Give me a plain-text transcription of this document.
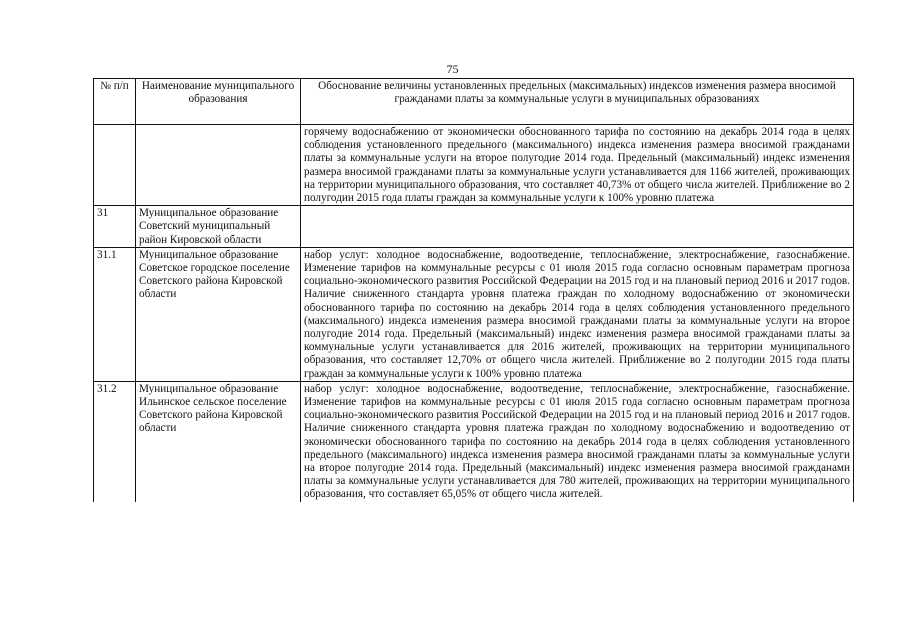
75
№ п/п	Наименование муниципального образования	Обоснование величины установленных предельных (максимальных) индексов изменения размера вносимой гражданами платы за коммунальные услуги в муниципальных образованиях
		горячему водоснабжению от экономически обоснованного тарифа по состоянию на декабрь 2014 года в целях соблюдения установленного предельного (максимального) индекса изменения размера вносимой гражданами платы за коммунальные услуги на второе полугодие 2014 года. Предельный (максимальный) индекс изменения размера вносимой гражданами платы за коммунальные услуги устанавливается для 1166 жителей, проживающих на территории муниципального образования, что составляет 40,73% от общего числа жителей. Приближение во 2 полугодии 2015 года платы граждан за коммунальные услуги к 100% уровню платежа
31	Муниципальное образование Советский муниципальный район Кировской области	
31.1	Муниципальное образование Советское городское поселение Советского района Кировской области	набор услуг: холодное водоснабжение, водоотведение, теплоснабжение, электроснабжение, газоснабжение. Изменение тарифов на коммунальные ресурсы с 01 июля 2015 года согласно основным параметрам прогноза социально-экономического развития Российской Федерации на 2015 год и на плановый период 2016 и 2017 годов. Наличие сниженного стандарта уровня платежа граждан по холодному водоснабжению от экономически обоснованного тарифа по состоянию на декабрь 2014 года в целях соблюдения установленного предельного (максимального) индекса изменения размера вносимой гражданами платы за коммунальные услуги на второе полугодие 2014 года. Предельный (максимальный) индекс изменения размера вносимой гражданами платы за коммунальные услуги устанавливается для 2016 жителей, проживающих на территории муниципального образования, что составляет 12,70% от общего числа жителей. Приближение во 2 полугодии 2015 года платы граждан за коммунальные услуги к 100% уровню платежа
31.2	Муниципальное образование Ильинское сельское поселение Советского района Кировской области	набор услуг: холодное водоснабжение, водоотведение, теплоснабжение, электроснабжение, газоснабжение. Изменение тарифов на коммунальные ресурсы с 01 июля 2015 года согласно основным параметрам прогноза социально-экономического развития Российской Федерации на 2015 год и на плановый период 2016 и 2017 годов. Наличие сниженного стандарта уровня платежа граждан по холодному водоснабжению и водоотведению от экономически обоснованного тарифа по состоянию на декабрь 2014 года в целях соблюдения установленного предельного (максимального) индекса изменения размера вносимой гражданами платы за коммунальные услуги на второе полугодие 2014 года. Предельный (максимальный) индекс изменения размера вносимой гражданами платы за коммунальные услуги устанавливается для 780 жителей, проживающих на территории муниципального образования, что составляет 65,05% от общего числа жителей.
